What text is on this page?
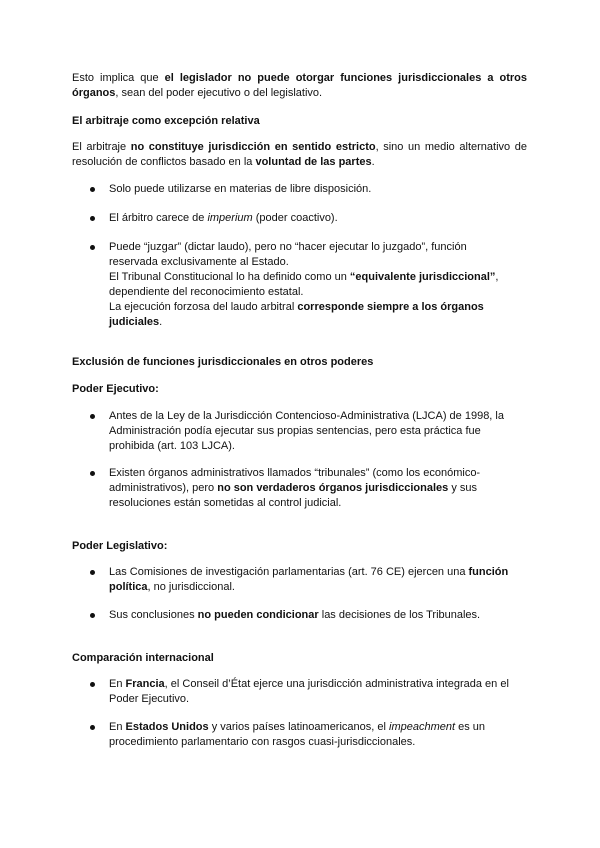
Esto implica que el legislador no puede otorgar funciones jurisdiccionales a otros órganos, sean del poder ejecutivo o del legislativo.

El arbitraje como excepción relativa

El arbitraje no constituye jurisdicción en sentido estricto, sino un medio alternativo de resolución de conflictos basado en la voluntad de las partes.

Solo puede utilizarse en materias de libre disposición.
El árbitro carece de imperium (poder coactivo).
Puede “juzgar” (dictar laudo), pero no “hacer ejecutar lo juzgado”, función reservada exclusivamente al Estado.
El Tribunal Constitucional lo ha definido como un “equivalente jurisdiccional”, dependiente del reconocimiento estatal.
La ejecución forzosa del laudo arbitral corresponde siempre a los órganos judiciales.
Exclusión de funciones jurisdiccionales en otros poderes
Poder Ejecutivo:
Antes de la Ley de la Jurisdicción Contencioso-Administrativa (LJCA) de 1998, la Administración podía ejecutar sus propias sentencias, pero esta práctica fue prohibida (art. 103 LJCA).
Existen órganos administrativos llamados “tribunales” (como los económico-administrativos), pero no son verdaderos órganos jurisdiccionales y sus resoluciones están sometidas al control judicial.
Poder Legislativo:
Las Comisiones de investigación parlamentarias (art. 76 CE) ejercen una función política, no jurisdiccional.
Sus conclusiones no pueden condicionar las decisiones de los Tribunales.
Comparación internacional
En Francia, el Conseil d’État ejerce una jurisdicción administrativa integrada en el Poder Ejecutivo.
En Estados Unidos y varios países latinoamericanos, el impeachment es un procedimiento parlamentario con rasgos cuasi-jurisdiccionales.
